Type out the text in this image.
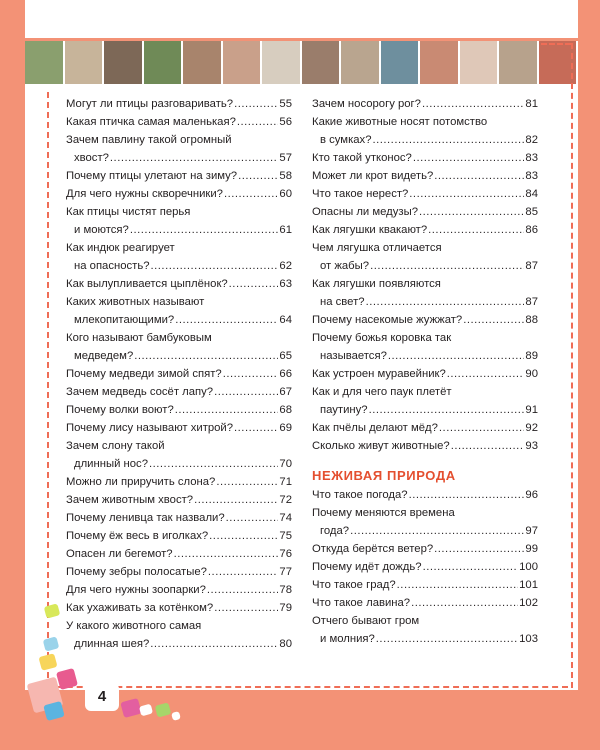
Могут ли птицы разговаривать? .....	55
Какая птичка самая маленькая? .....	56
Зачем павлину такой огромный
хвост? .....	57
Почему птицы улетают на зиму? .....	58
Для чего нужны скворечники? .....	60
Как птицы чистят перья
и моются? .....	61
Как индюк реагирует
на опасность? .....	62
Как вылупливается цыплёнок? .....	63
Каких животных называют
млекопитающими? .....	64
Кого называют бамбуковым
медведем? .....	65
Почему медведи зимой спят? .....	66
Зачем медведь сосёт лапу? .....	67
Почему волки воют? .....	68
Почему лису называют хитрой? .....	69
Зачем слону такой
длинный нос? .....	70
Можно ли приручить слона? .....	71
Зачем животным хвост? .....	72
Почему ленивца так назвали? .....	74
Почему ёж весь в иголках? .....	75
Опасен ли бегемот? .....	76
Почему зебры полосатые? .....	77
Для чего нужны зоопарки? .....	78
Как ухаживать за котёнком? .....	79
У какого животного самая
длинная шея? .....	80
Зачем носорогу рог? .....	81
Какие животные носят потомство
в сумках? .....	82
Кто такой утконос? .....	83
Может ли крот видеть? .....	83
Что такое нерест? .....	84
Опасны ли медузы? .....	85
Как лягушки квакают? .....	86
Чем лягушка отличается
от жабы? .....	87
Как лягушки появляются
на свет? .....	87
Почему насекомые жужжат? .....	88
Почему божья коровка так
называется? .....	89
Как устроен муравейник? .....	90
Как и для чего паук плетёт
паутину? .....	91
Как пчёлы делают мёд? .....	92
Сколько живут животные? .....	93
НЕЖИВАЯ ПРИРОДА
Что такое погода? .....	96
Почему меняются времена
года? .....	97
Откуда берётся ветер? .....	99
Почему идёт дождь? .....	100
Что такое град? .....	101
Что такое лавина? .....	102
Отчего бывают гром
и молния? .....	103
4
